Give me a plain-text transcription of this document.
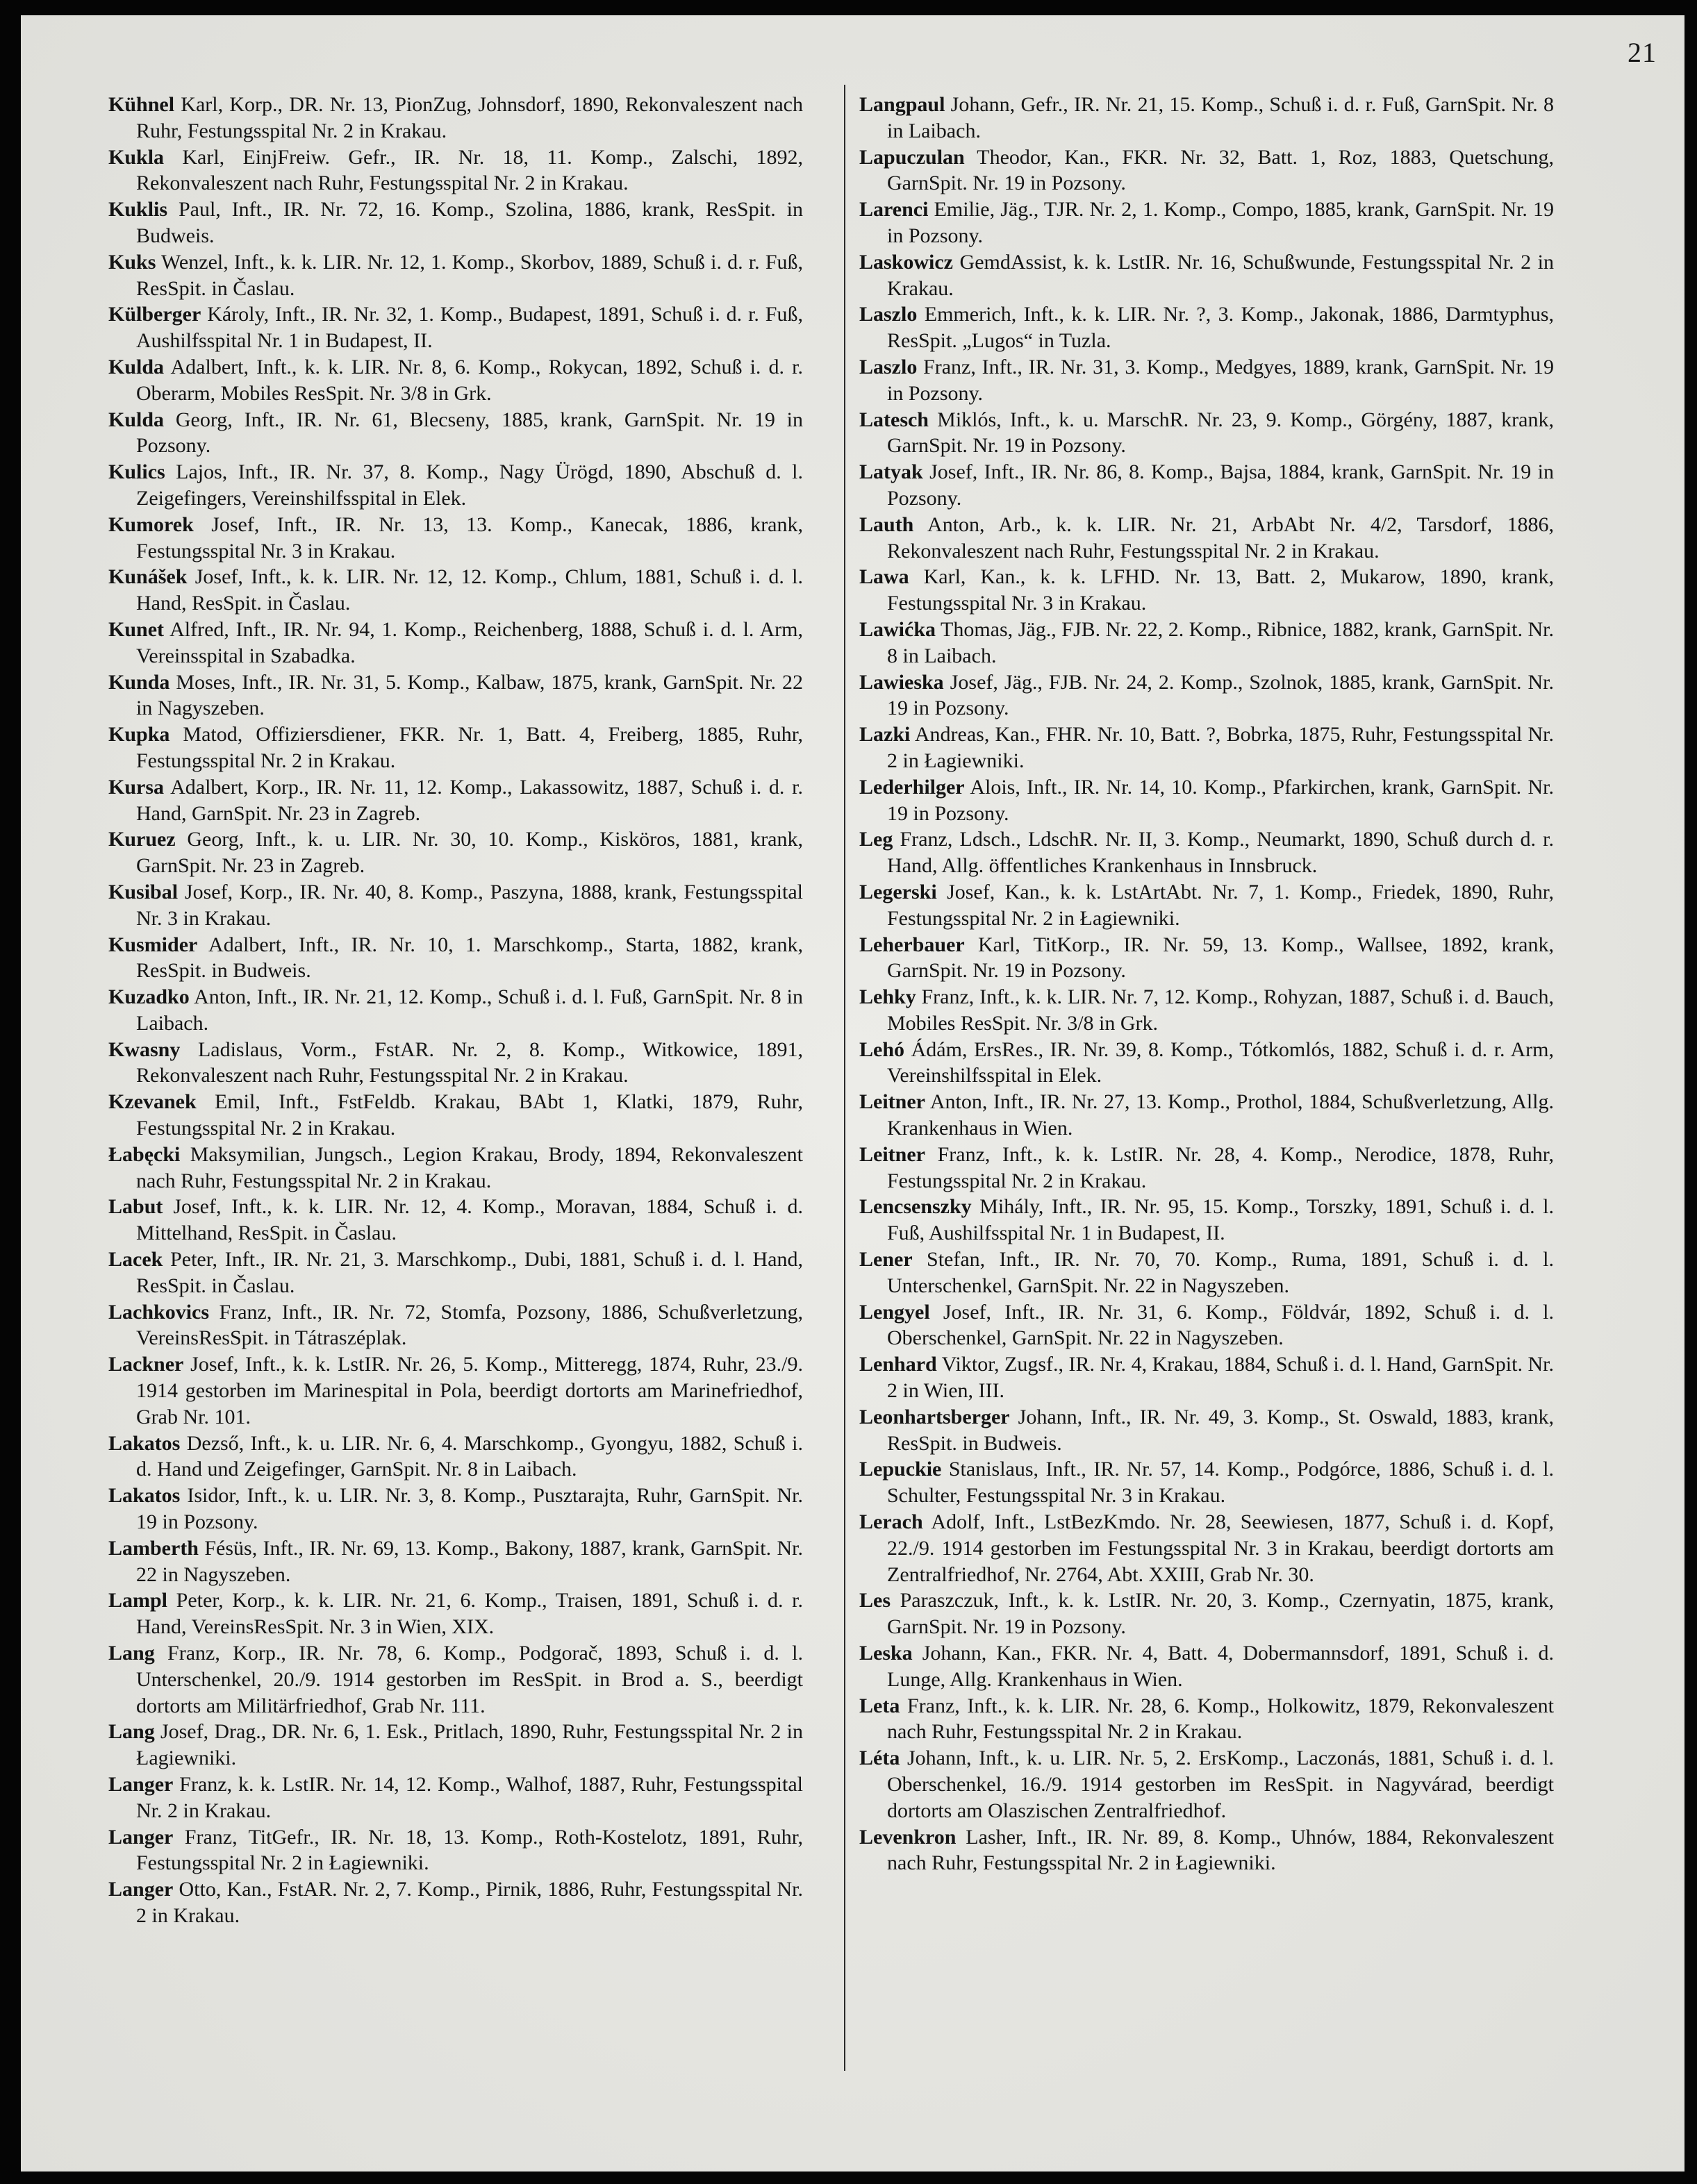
21

Kühnel Karl, Korp., DR. Nr. 13, PionZug, Johnsdorf, 1890, Rekonvaleszent nach Ruhr, Festungsspital Nr. 2 in Krakau.

Kukla Karl, EinjFreiw. Gefr., IR. Nr. 18, 11. Komp., Zalschi, 1892, Rekonvaleszent nach Ruhr, Festungsspital Nr. 2 in Krakau.

Kuklis Paul, Inft., IR. Nr. 72, 16. Komp., Szolina, 1886, krank, ResSpit. in Budweis.

Kuks Wenzel, Inft., k. k. LIR. Nr. 12, 1. Komp., Skorbov, 1889, Schuß i. d. r. Fuß, ResSpit. in Časlau.

Külberger Károly, Inft., IR. Nr. 32, 1. Komp., Budapest, 1891, Schuß i. d. r. Fuß, Aushilfsspital Nr. 1 in Budapest, II.

Kulda Adalbert, Inft., k. k. LIR. Nr. 8, 6. Komp., Rokycan, 1892, Schuß i. d. r. Oberarm, Mobiles ResSpit. Nr. 3/8 in Grk.

Kulda Georg, Inft., IR. Nr. 61, Blecseny, 1885, krank, GarnSpit. Nr. 19 in Pozsony.

Kulics Lajos, Inft., IR. Nr. 37, 8. Komp., Nagy Ürögd, 1890, Abschuß d. l. Zeigefingers, Vereinshilfsspital in Elek.

Kumorek Josef, Inft., IR. Nr. 13, 13. Komp., Kanecak, 1886, krank, Festungsspital Nr. 3 in Krakau.

Kunášek Josef, Inft., k. k. LIR. Nr. 12, 12. Komp., Chlum, 1881, Schuß i. d. l. Hand, ResSpit. in Časlau.

Kunet Alfred, Inft., IR. Nr. 94, 1. Komp., Reichenberg, 1888, Schuß i. d. l. Arm, Vereinsspital in Szabadka.

Kunda Moses, Inft., IR. Nr. 31, 5. Komp., Kalbaw, 1875, krank, GarnSpit. Nr. 22 in Nagyszeben.

Kupka Matod, Offiziersdiener, FKR. Nr. 1, Batt. 4, Freiberg, 1885, Ruhr, Festungsspital Nr. 2 in Krakau.

Kursa Adalbert, Korp., IR. Nr. 11, 12. Komp., Lakassowitz, 1887, Schuß i. d. r. Hand, GarnSpit. Nr. 23 in Zagreb.

Kuruez Georg, Inft., k. u. LIR. Nr. 30, 10. Komp., Kisköros, 1881, krank, GarnSpit. Nr. 23 in Zagreb.

Kusibal Josef, Korp., IR. Nr. 40, 8. Komp., Paszyna, 1888, krank, Festungsspital Nr. 3 in Krakau.

Kusmider Adalbert, Inft., IR. Nr. 10, 1. Marschkomp., Starta, 1882, krank, ResSpit. in Budweis.

Kuzadko Anton, Inft., IR. Nr. 21, 12. Komp., Schuß i. d. l. Fuß, GarnSpit. Nr. 8 in Laibach.

Kwasny Ladislaus, Vorm., FstAR. Nr. 2, 8. Komp., Witkowice, 1891, Rekonvaleszent nach Ruhr, Festungsspital Nr. 2 in Krakau.

Kzevanek Emil, Inft., FstFeldb. Krakau, BAbt 1, Klatki, 1879, Ruhr, Festungsspital Nr. 2 in Krakau.

Łabęcki Maksymilian, Jungsch., Legion Krakau, Brody, 1894, Rekonvaleszent nach Ruhr, Festungsspital Nr. 2 in Krakau.

Labut Josef, Inft., k. k. LIR. Nr. 12, 4. Komp., Moravan, 1884, Schuß i. d. Mittelhand, ResSpit. in Časlau.

Lacek Peter, Inft., IR. Nr. 21, 3. Marschkomp., Dubi, 1881, Schuß i. d. l. Hand, ResSpit. in Časlau.

Lachkovics Franz, Inft., IR. Nr. 72, Stomfa, Pozsony, 1886, Schußverletzung, VereinsResSpit. in Tátraszéplak.

Lackner Josef, Inft., k. k. LstIR. Nr. 26, 5. Komp., Mitteregg, 1874, Ruhr, 23./9. 1914 gestorben im Marinespital in Pola, beerdigt dortorts am Marinefriedhof, Grab Nr. 101.

Lakatos Dezső, Inft., k. u. LIR. Nr. 6, 4. Marschkomp., Gyongyu, 1882, Schuß i. d. Hand und Zeigefinger, GarnSpit. Nr. 8 in Laibach.

Lakatos Isidor, Inft., k. u. LIR. Nr. 3, 8. Komp., Pusztarajta, Ruhr, GarnSpit. Nr. 19 in Pozsony.

Lamberth Fésüs, Inft., IR. Nr. 69, 13. Komp., Bakony, 1887, krank, GarnSpit. Nr. 22 in Nagyszeben.

Lampl Peter, Korp., k. k. LIR. Nr. 21, 6. Komp., Traisen, 1891, Schuß i. d. r. Hand, VereinsResSpit. Nr. 3 in Wien, XIX.

Lang Franz, Korp., IR. Nr. 78, 6. Komp., Podgorač, 1893, Schuß i. d. l. Unterschenkel, 20./9. 1914 gestorben im ResSpit. in Brod a. S., beerdigt dortorts am Militärfriedhof, Grab Nr. 111.

Lang Josef, Drag., DR. Nr. 6, 1. Esk., Pritlach, 1890, Ruhr, Festungsspital Nr. 2 in Łagiewniki.

Langer Franz, k. k. LstIR. Nr. 14, 12. Komp., Walhof, 1887, Ruhr, Festungsspital Nr. 2 in Krakau.

Langer Franz, TitGefr., IR. Nr. 18, 13. Komp., Roth-Kostelotz, 1891, Ruhr, Festungsspital Nr. 2 in Łagiewniki.

Langer Otto, Kan., FstAR. Nr. 2, 7. Komp., Pirnik, 1886, Ruhr, Festungsspital Nr. 2 in Krakau.

Langpaul Johann, Gefr., IR. Nr. 21, 15. Komp., Schuß i. d. r. Fuß, GarnSpit. Nr. 8 in Laibach.

Lapuczulan Theodor, Kan., FKR. Nr. 32, Batt. 1, Roz, 1883, Quetschung, GarnSpit. Nr. 19 in Pozsony.

Larenci Emilie, Jäg., TJR. Nr. 2, 1. Komp., Compo, 1885, krank, GarnSpit. Nr. 19 in Pozsony.

Laskowicz GemdAssist, k. k. LstIR. Nr. 16, Schußwunde, Festungsspital Nr. 2 in Krakau.

Laszlo Emmerich, Inft., k. k. LIR. Nr. ?, 3. Komp., Jakonak, 1886, Darmtyphus, ResSpit. „Lugos“ in Tuzla.

Laszlo Franz, Inft., IR. Nr. 31, 3. Komp., Medgyes, 1889, krank, GarnSpit. Nr. 19 in Pozsony.

Latesch Miklós, Inft., k. u. MarschR. Nr. 23, 9. Komp., Görgény, 1887, krank, GarnSpit. Nr. 19 in Pozsony.

Latyak Josef, Inft., IR. Nr. 86, 8. Komp., Bajsa, 1884, krank, GarnSpit. Nr. 19 in Pozsony.

Lauth Anton, Arb., k. k. LIR. Nr. 21, ArbAbt Nr. 4/2, Tarsdorf, 1886, Rekonvaleszent nach Ruhr, Festungsspital Nr. 2 in Krakau.

Lawa Karl, Kan., k. k. LFHD. Nr. 13, Batt. 2, Mukarow, 1890, krank, Festungsspital Nr. 3 in Krakau.

Lawićka Thomas, Jäg., FJB. Nr. 22, 2. Komp., Ribnice, 1882, krank, GarnSpit. Nr. 8 in Laibach.

Lawieska Josef, Jäg., FJB. Nr. 24, 2. Komp., Szolnok, 1885, krank, GarnSpit. Nr. 19 in Pozsony.

Lazki Andreas, Kan., FHR. Nr. 10, Batt. ?, Bobrka, 1875, Ruhr, Festungsspital Nr. 2 in Łagiewniki.

Lederhilger Alois, Inft., IR. Nr. 14, 10. Komp., Pfarkirchen, krank, GarnSpit. Nr. 19 in Pozsony.

Leg Franz, Ldsch., LdschR. Nr. II, 3. Komp., Neumarkt, 1890, Schuß durch d. r. Hand, Allg. öffentliches Krankenhaus in Innsbruck.

Legerski Josef, Kan., k. k. LstArtAbt. Nr. 7, 1. Komp., Friedek, 1890, Ruhr, Festungsspital Nr. 2 in Łagiewniki.

Leherbauer Karl, TitKorp., IR. Nr. 59, 13. Komp., Wallsee, 1892, krank, GarnSpit. Nr. 19 in Pozsony.

Lehky Franz, Inft., k. k. LIR. Nr. 7, 12. Komp., Rohyzan, 1887, Schuß i. d. Bauch, Mobiles ResSpit. Nr. 3/8 in Grk.

Lehó Ádám, ErsRes., IR. Nr. 39, 8. Komp., Tótkomlós, 1882, Schuß i. d. r. Arm, Vereinshilfsspital in Elek.

Leitner Anton, Inft., IR. Nr. 27, 13. Komp., Prothol, 1884, Schußverletzung, Allg. Krankenhaus in Wien.

Leitner Franz, Inft., k. k. LstIR. Nr. 28, 4. Komp., Nerodice, 1878, Ruhr, Festungsspital Nr. 2 in Krakau.

Lencsenszky Mihály, Inft., IR. Nr. 95, 15. Komp., Torszky, 1891, Schuß i. d. l. Fuß, Aushilfsspital Nr. 1 in Budapest, II.

Lener Stefan, Inft., IR. Nr. 70, 70. Komp., Ruma, 1891, Schuß i. d. l. Unterschenkel, GarnSpit. Nr. 22 in Nagyszeben.

Lengyel Josef, Inft., IR. Nr. 31, 6. Komp., Földvár, 1892, Schuß i. d. l. Oberschenkel, GarnSpit. Nr. 22 in Nagyszeben.

Lenhard Viktor, Zugsf., IR. Nr. 4, Krakau, 1884, Schuß i. d. l. Hand, GarnSpit. Nr. 2 in Wien, III.

Leonhartsberger Johann, Inft., IR. Nr. 49, 3. Komp., St. Oswald, 1883, krank, ResSpit. in Budweis.

Lepuckie Stanislaus, Inft., IR. Nr. 57, 14. Komp., Podgórce, 1886, Schuß i. d. l. Schulter, Festungsspital Nr. 3 in Krakau.

Lerach Adolf, Inft., LstBezKmdo. Nr. 28, Seewiesen, 1877, Schuß i. d. Kopf, 22./9. 1914 gestorben im Festungsspital Nr. 3 in Krakau, beerdigt dortorts am Zentralfriedhof, Nr. 2764, Abt. XXIII, Grab Nr. 30.

Les Paraszczuk, Inft., k. k. LstIR. Nr. 20, 3. Komp., Czernyatin, 1875, krank, GarnSpit. Nr. 19 in Pozsony.

Leska Johann, Kan., FKR. Nr. 4, Batt. 4, Dobermannsdorf, 1891, Schuß i. d. Lunge, Allg. Krankenhaus in Wien.

Leta Franz, Inft., k. k. LIR. Nr. 28, 6. Komp., Holkowitz, 1879, Rekonvaleszent nach Ruhr, Festungsspital Nr. 2 in Krakau.

Léta Johann, Inft., k. u. LIR. Nr. 5, 2. ErsKomp., Laczonás, 1881, Schuß i. d. l. Oberschenkel, 16./9. 1914 gestorben im ResSpit. in Nagyvárad, beerdigt dortorts am Olaszischen Zentralfriedhof.

Levenkron Lasher, Inft., IR. Nr. 89, 8. Komp., Uhnów, 1884, Rekonvaleszent nach Ruhr, Festungsspital Nr. 2 in Łagiewniki.
